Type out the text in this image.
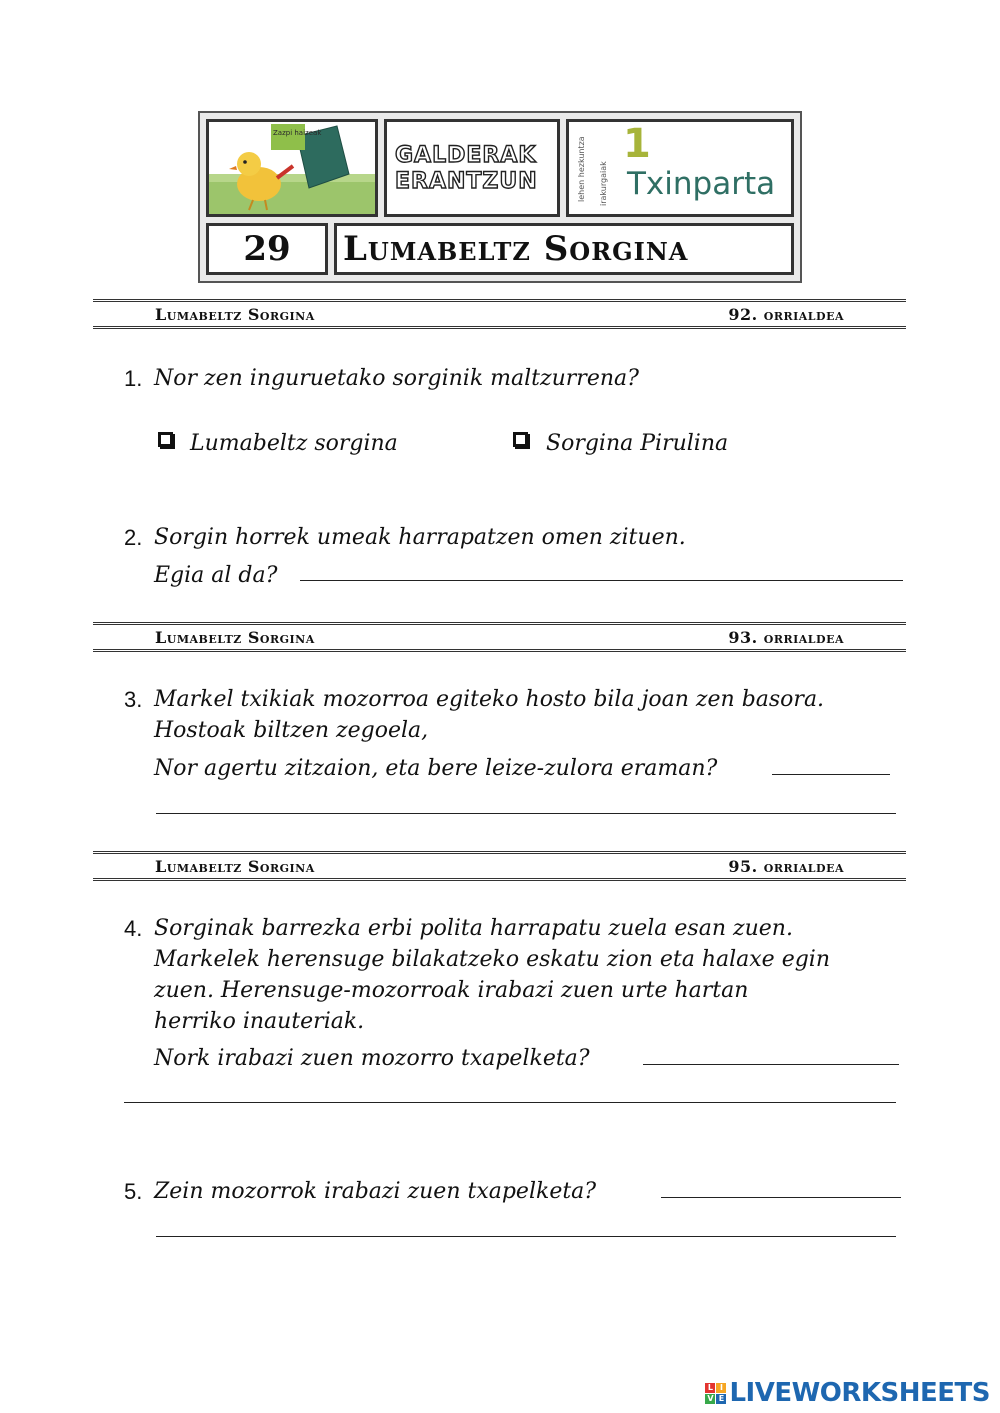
Zazpi haizeak
GALDERAK
ERANTZUN	lehen hezkuntza irakurgaiak
1
Txinparta
29	Lumabeltz Sorgina
Lumabeltz Sorgina	92. orrialdea
1. Nor zen inguruetako sorginik maltzurrena?
Lumabeltz sorgina	Sorgina Pirulina
2. Sorgin horrek umeak harrapatzen omen zituen.
Egia al da?
Lumabeltz Sorgina	93. orrialdea
3. Markel txikiak mozorroa egiteko hosto bila joan zen basora.
Hostoak biltzen zegoela,
Nor agertu zitzaion, eta bere leize-zulora eraman?
Lumabeltz Sorgina	95. orrialdea
4. Sorginak barrezka erbi polita harrapatu zuela esan zuen.
Markelek herensuge bilakatzeko eskatu zion eta halaxe egin
zuen. Herensuge-mozorroak irabazi zuen urte hartan
herriko inauteriak.
Nork irabazi zuen mozorro txapelketa?
5. Zein mozorrok irabazi zuen txapelketa?
L I
V E LIVEWORKSHEETS
